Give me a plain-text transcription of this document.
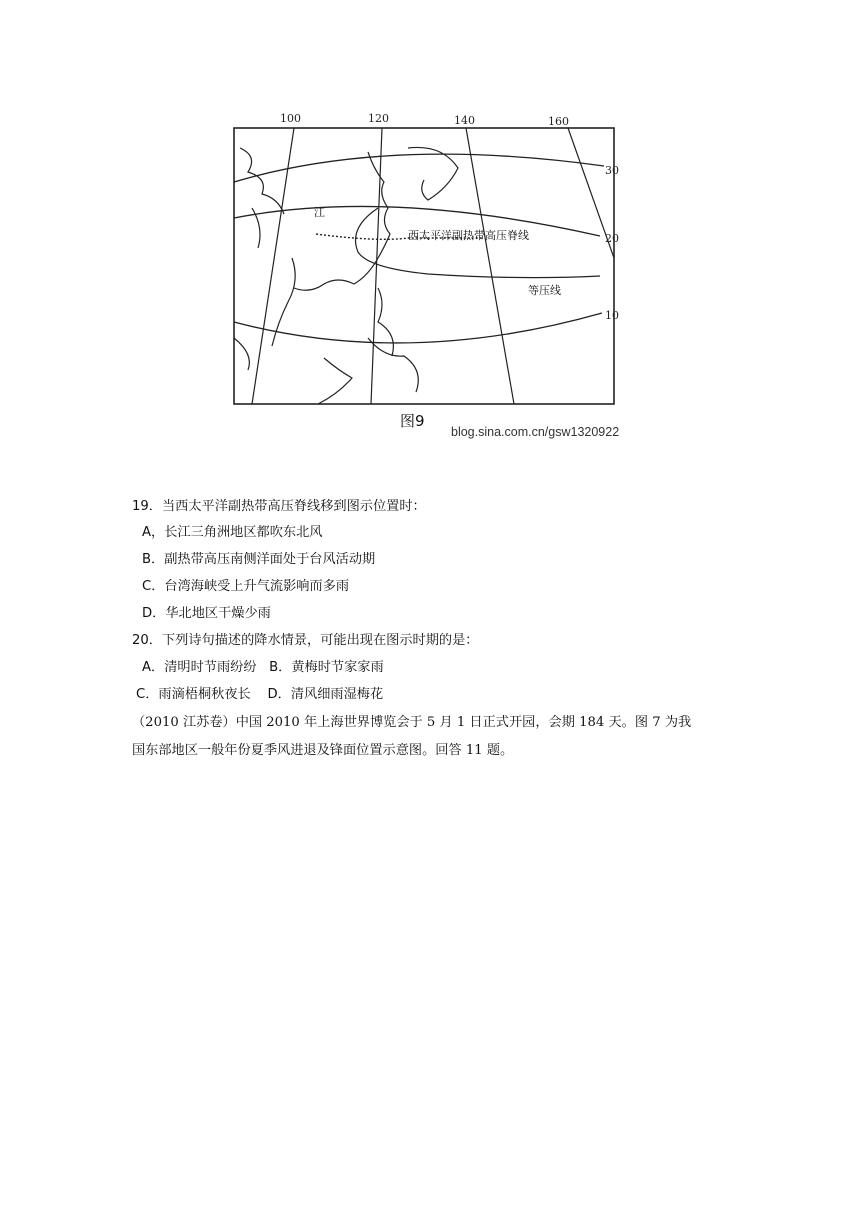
100	120	140	160
30
20
10
西太平洋副热带高压脊线
等压线
江
图9
blog.sina.com.cn/gsw1320922
19．当西太平洋副热带高压脊线移到图示位置时：
A，长江三角洲地区都吹东北风
B．副热带高压南侧洋面处于台风活动期
C．台湾海峡受上升气流影响而多雨
D．华北地区干燥少雨
20．下列诗句描述的降水情景，可能出现在图示时期的是：
A．清明时节雨纷纷   B．黄梅时节家家雨
C．雨滴梧桐秋夜长    D．清风细雨湿梅花
（2010 江苏卷）中国 2010 年上海世界博览会于 5 月 1 日正式开园，会期 184 天。图 7 为我
国东部地区一般年份夏季风进退及锋面位置示意图。回答 11 题。
